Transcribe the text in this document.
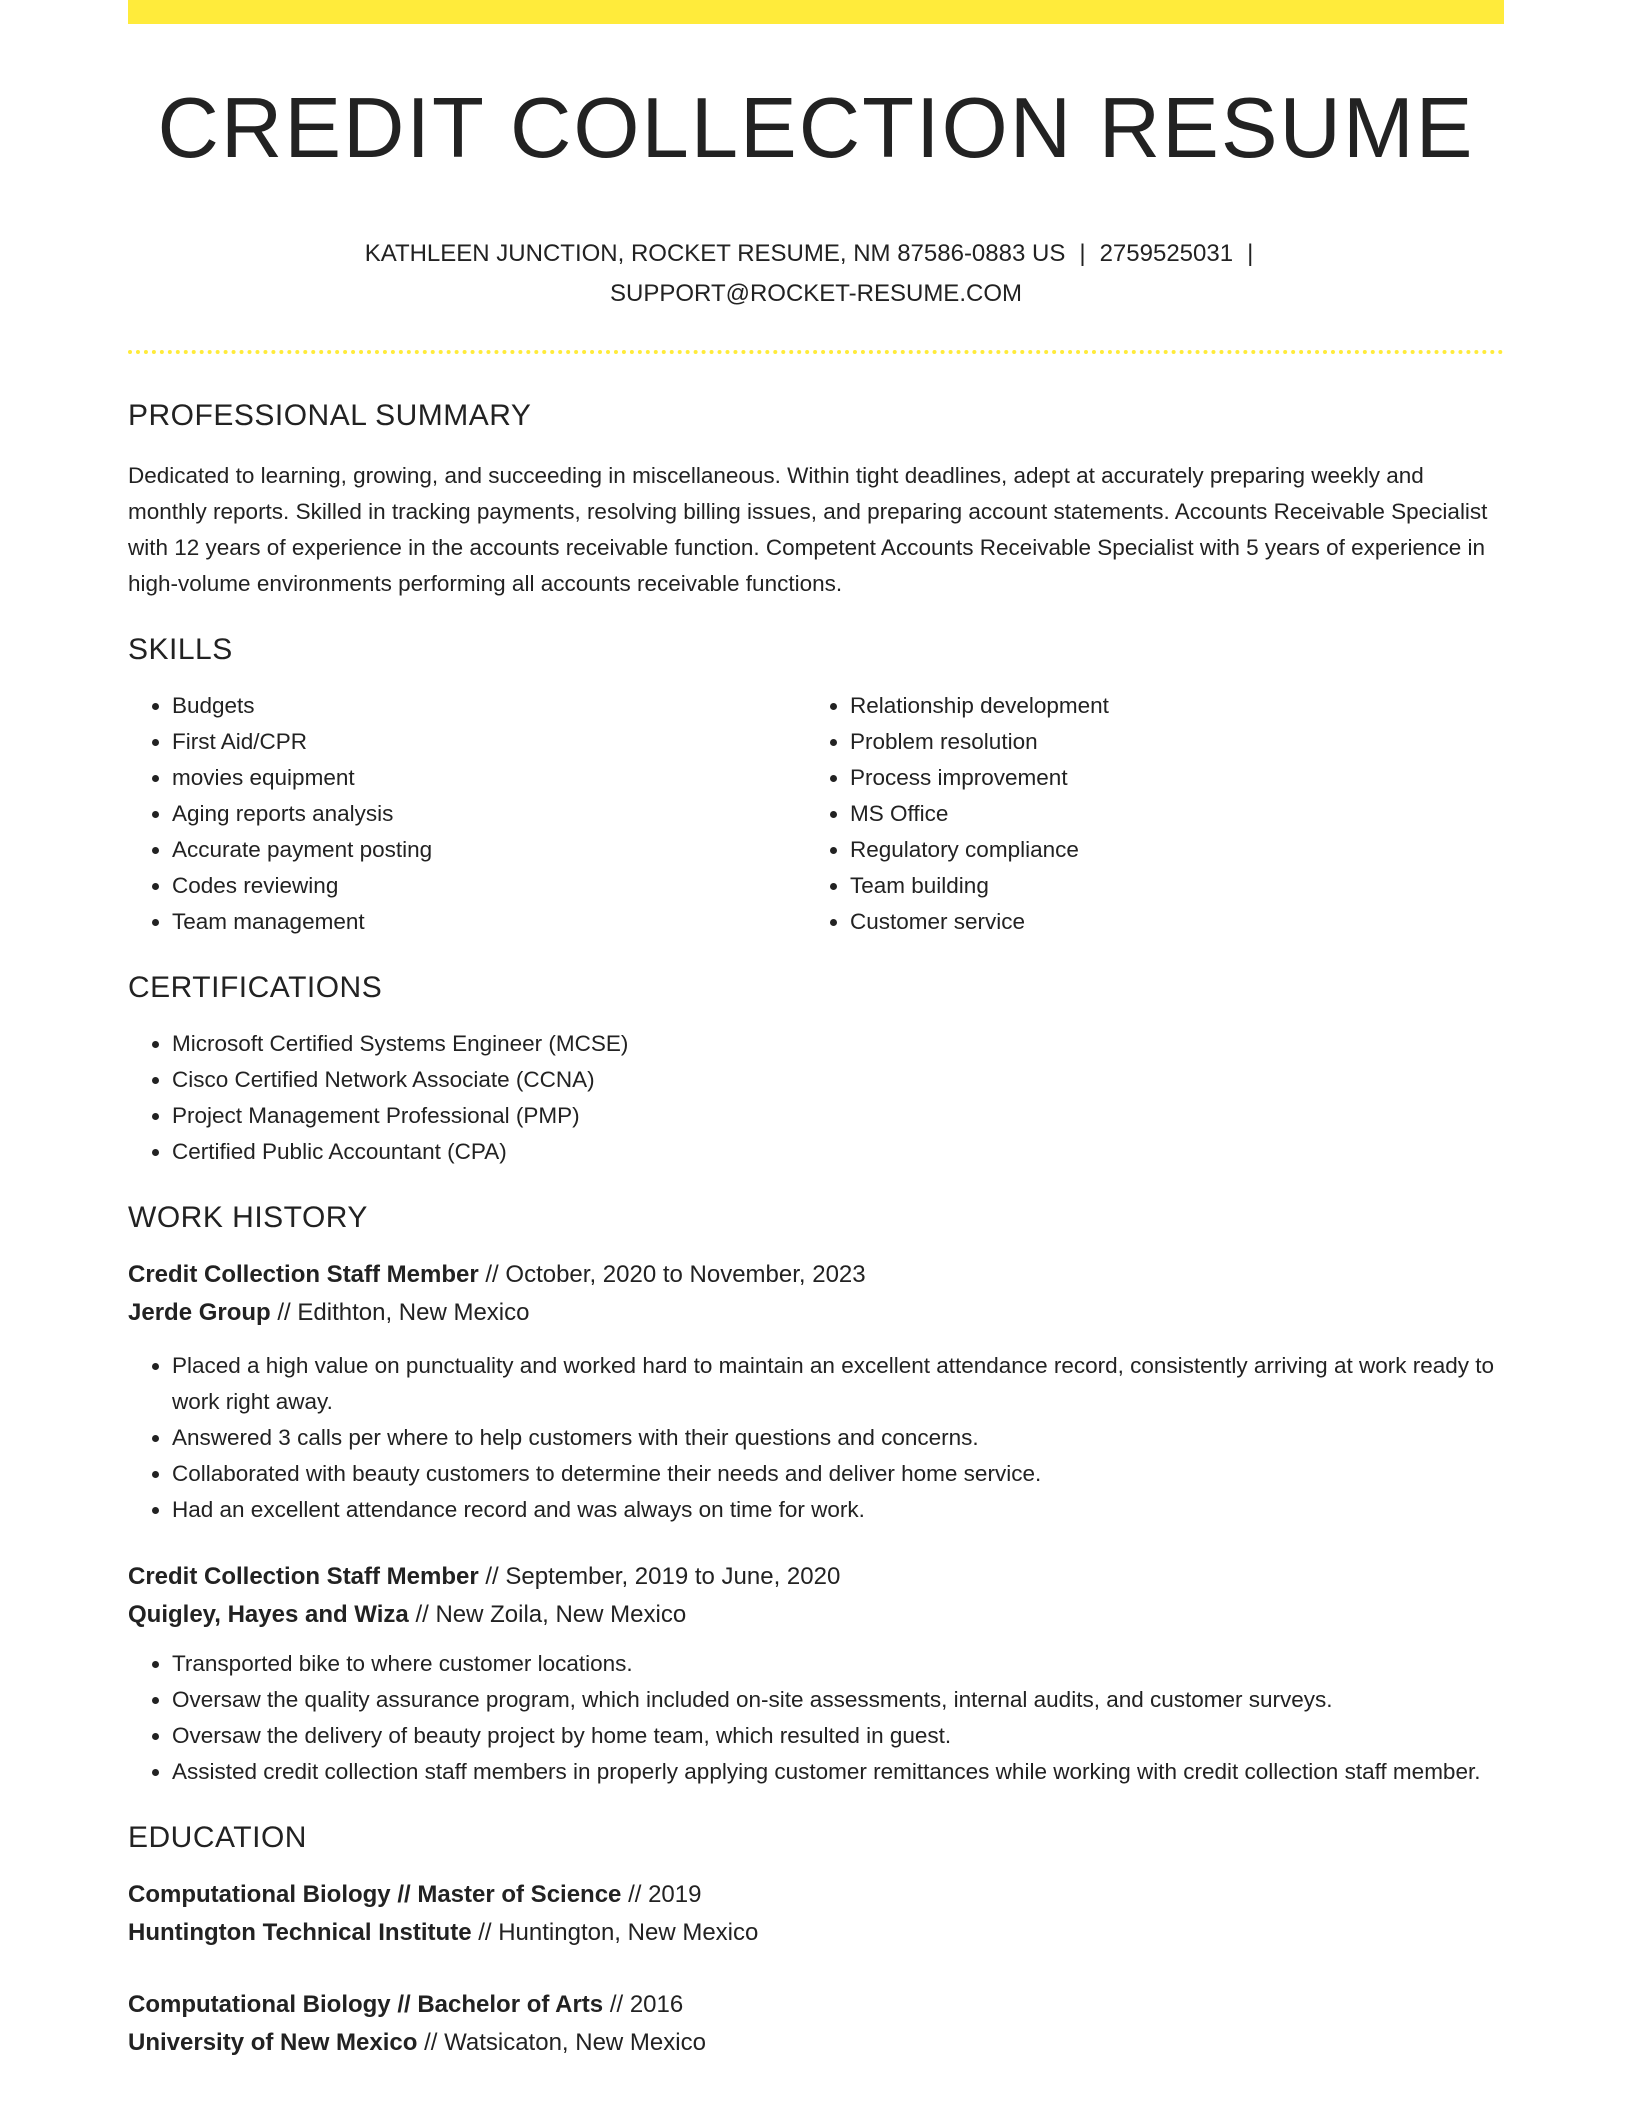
CREDIT COLLECTION RESUME
KATHLEEN JUNCTION, ROCKET RESUME, NM 87586-0883 US | 2759525031 |
SUPPORT@ROCKET-RESUME.COM
PROFESSIONAL SUMMARY

Dedicated to learning, growing, and succeeding in miscellaneous. Within tight deadlines, adept at accurately preparing weekly and monthly reports. Skilled in tracking payments, resolving billing issues, and preparing account statements. Accounts Receivable Specialist with 12 years of experience in the accounts receivable function. Competent Accounts Receivable Specialist with 5 years of experience in high-volume environments performing all accounts receivable functions.

SKILLS
• Budgets
• First Aid/CPR
• movies equipment
• Aging reports analysis
• Accurate payment posting
• Codes reviewing
• Team management
• Relationship development
• Problem resolution
• Process improvement
• MS Office
• Regulatory compliance
• Team building
• Customer service
CERTIFICATIONS
• Microsoft Certified Systems Engineer (MCSE)
• Cisco Certified Network Associate (CCNA)
• Project Management Professional (PMP)
• Certified Public Accountant (CPA)
WORK HISTORY
Credit Collection Staff Member // October, 2020 to November, 2023
Jerde Group // Edithton, New Mexico
• Placed a high value on punctuality and worked hard to maintain an excellent attendance record, consistently arriving at work ready to work right away.
• Answered 3 calls per where to help customers with their questions and concerns.
• Collaborated with beauty customers to determine their needs and deliver home service.
• Had an excellent attendance record and was always on time for work.
Credit Collection Staff Member // September, 2019 to June, 2020
Quigley, Hayes and Wiza // New Zoila, New Mexico
• Transported bike to where customer locations.
• Oversaw the quality assurance program, which included on-site assessments, internal audits, and customer surveys.
• Oversaw the delivery of beauty project by home team, which resulted in guest.
• Assisted credit collection staff members in properly applying customer remittances while working with credit collection staff member.
EDUCATION
Computational Biology // Master of Science // 2019
Huntington Technical Institute // Huntington, New Mexico
Computational Biology // Bachelor of Arts // 2016
University of New Mexico // Watsicaton, New Mexico
